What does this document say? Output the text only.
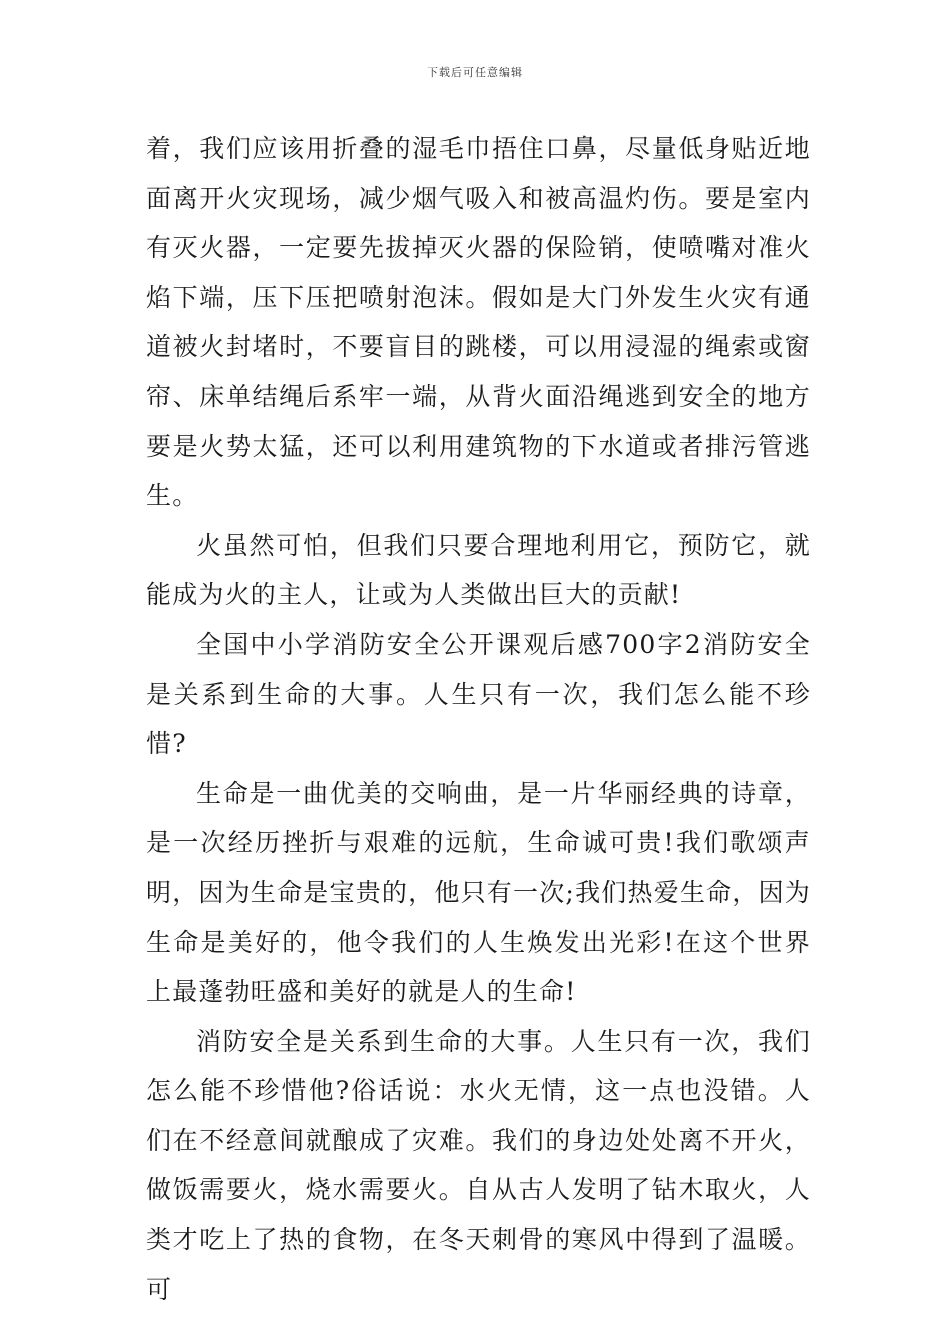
下载后可任意编辑

着，我们应该用折叠的湿毛巾捂住口鼻，尽量低身贴近地面离开火灾现场，减少烟气吸入和被高温灼伤。要是室内有灭火器，一定要先拔掉灭火器的保险销，使喷嘴对准火焰下端，压下压把喷射泡沫。假如是大门外发生火灾有通道被火封堵时，不要盲目的跳楼，可以用浸湿的绳索或窗帘、床单结绳后系牢一端，从背火面沿绳逃到安全的地方要是火势太猛，还可以利用建筑物的下水道或者排污管逃生。

火虽然可怕，但我们只要合理地利用它，预防它，就能成为火的主人，让或为人类做出巨大的贡献!

全国中小学消防安全公开课观后感700字2消防安全是关系到生命的大事。人生只有一次，我们怎么能不珍惜?

生命是一曲优美的交响曲，是一片华丽经典的诗章，是一次经历挫折与艰难的远航，生命诚可贵!我们歌颂声明，因为生命是宝贵的，他只有一次;我们热爱生命，因为生命是美好的，他令我们的人生焕发出光彩!在这个世界上最蓬勃旺盛和美好的就是人的生命!

消防安全是关系到生命的大事。人生只有一次，我们怎么能不珍惜他?俗话说：水火无情，这一点也没错。人们在不经意间就酿成了灾难。我们的身边处处离不开火，做饭需要火，烧水需要火。自从古人发明了钻木取火，人类才吃上了热的食物，在冬天刺骨的寒风中得到了温暖。可
